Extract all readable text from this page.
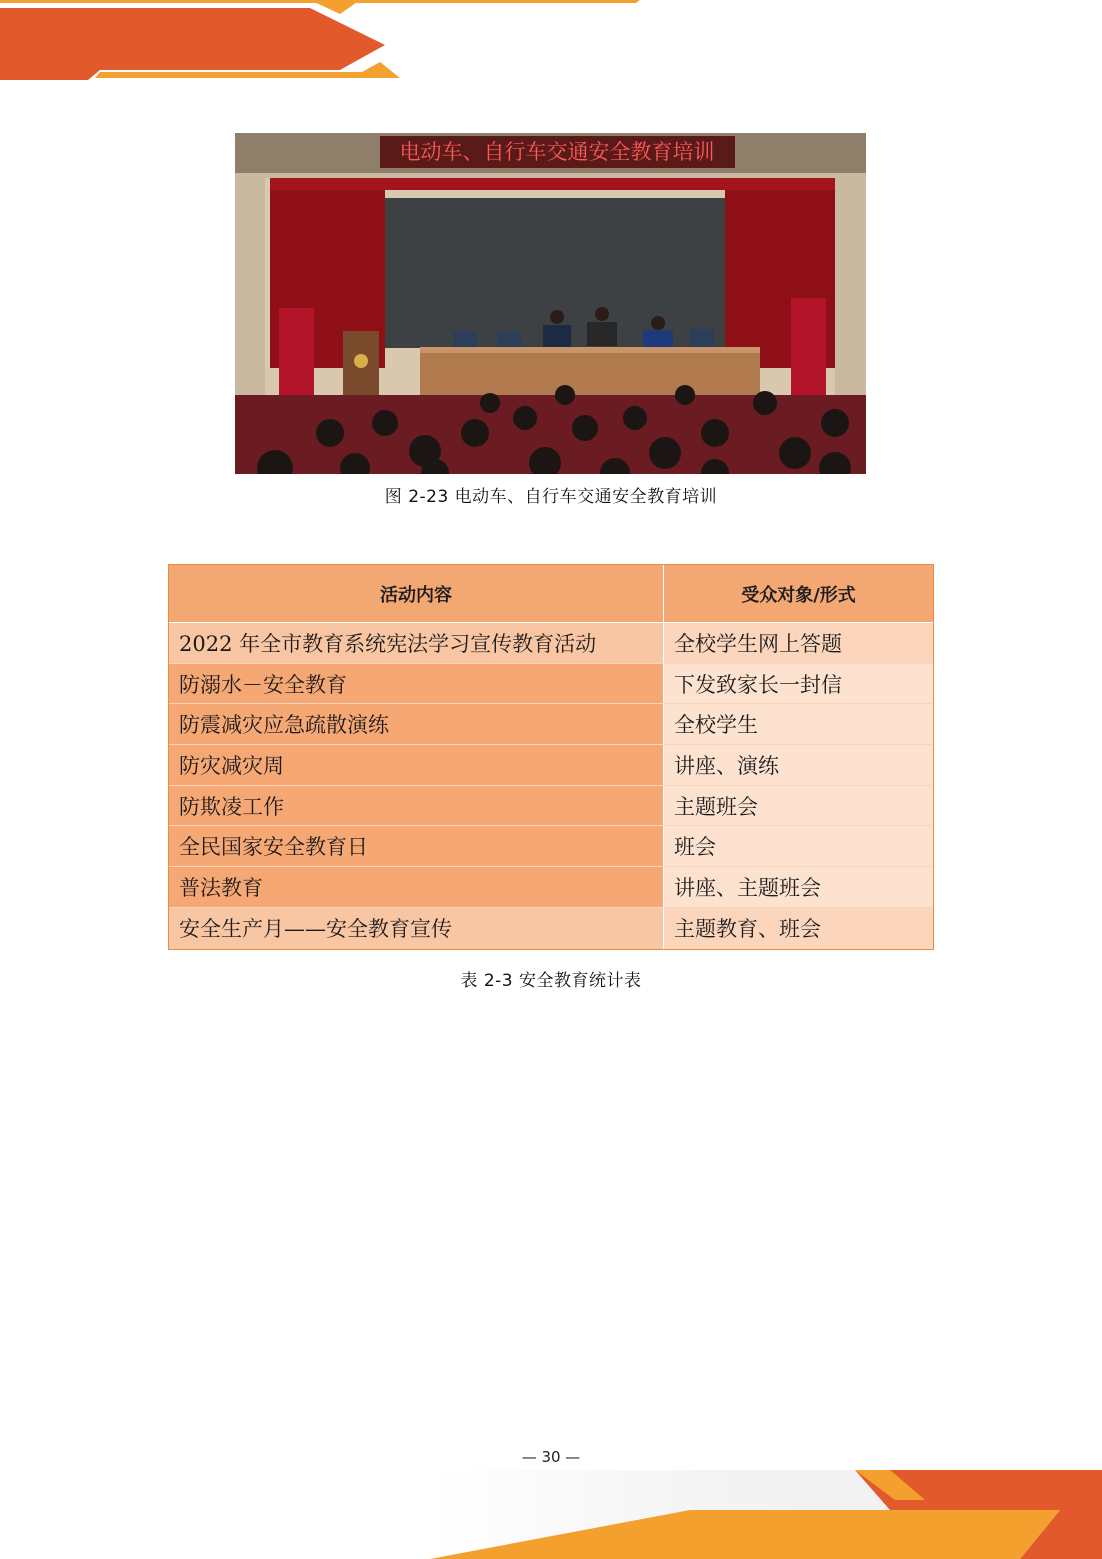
电动车、自行车交通安全教育培训
图 2-23 电动车、自行车交通安全教育培训
活动内容	受众对象/形式
2022 年全市教育系统宪法学习宣传教育活动	全校学生网上答题
防溺水－安全教育	下发致家长一封信
防震减灾应急疏散演练	全校学生
防灾减灾周	讲座、演练
防欺凌工作	主题班会
全民国家安全教育日	班会
普法教育	讲座、主题班会
安全生产月——安全教育宣传	主题教育、班会
表 2-3 安全教育统计表
— 30 —
